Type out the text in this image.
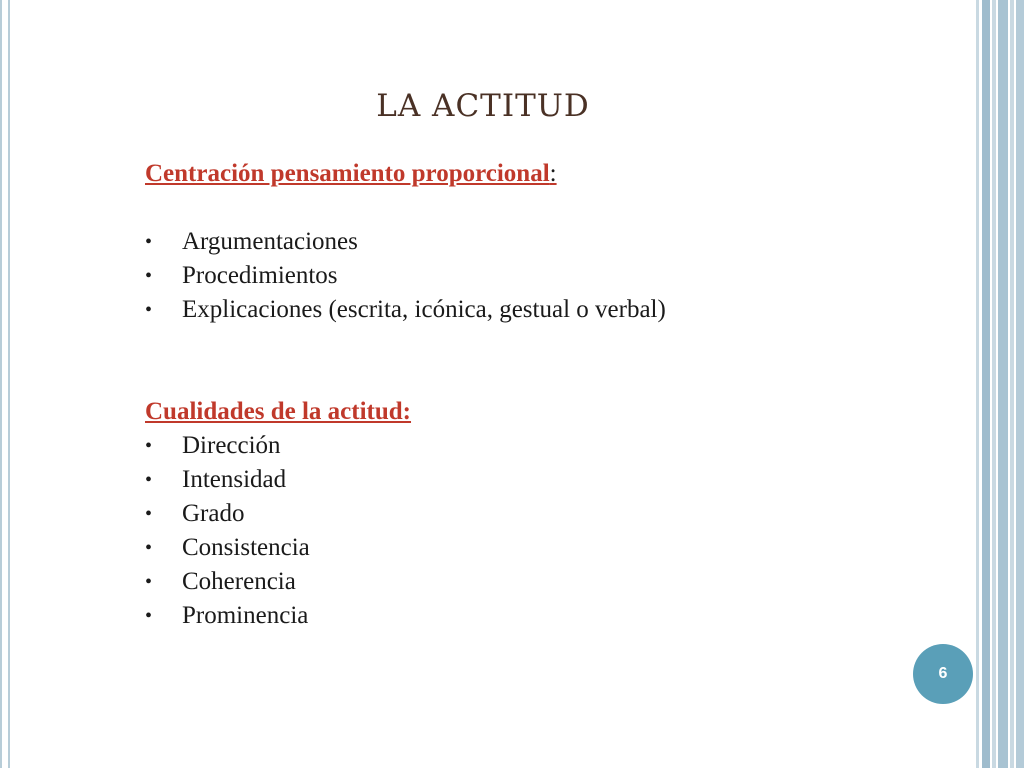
LA ACTITUD
Centración pensamiento proporcional:
• Argumentaciones
• Procedimientos
• Explicaciones (escrita, icónica, gestual o verbal)
Cualidades de la actitud:
• Dirección
• Intensidad
• Grado
• Consistencia
• Coherencia
• Prominencia
6
